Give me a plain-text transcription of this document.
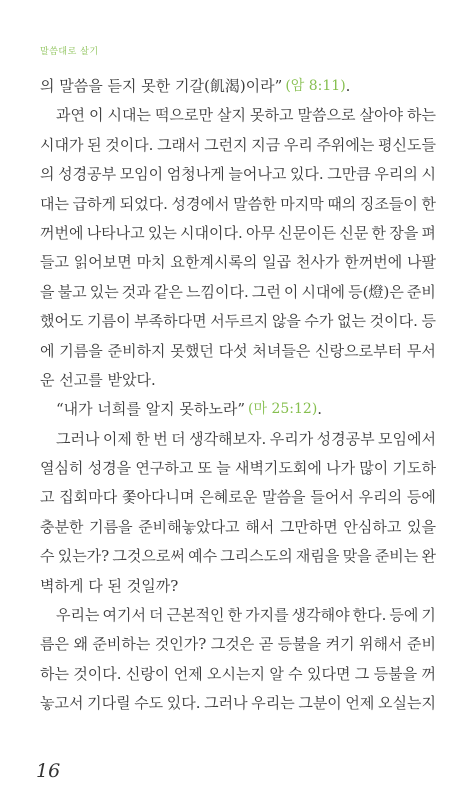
말씀대로 살기
의 말씀을 듣지 못한 기갈(飢渴)이라” (암 8:11) .
과연 이 시대는 떡으로만 살지 못하고 말씀으로 살아야 하는
시대가 된 것이다. 그래서 그런지 지금 우리 주위에는 평신도들
의 성경공부 모임이 엄청나게 늘어나고 있다. 그만큼 우리의 시
대는 급하게 되었다. 성경에서 말씀한 마지막 때의 징조들이 한
꺼번에 나타나고 있는 시대이다. 아무 신문이든 신문 한 장을 펴
들고 읽어보면 마치 요한계시록의 일곱 천사가 한꺼번에 나팔
을 불고 있는 것과 같은 느낌이다. 그런 이 시대에 등(燈)은 준비
했어도 기름이 부족하다면 서두르지 않을 수가 없는 것이다. 등
에 기름을 준비하지 못했던 다섯 처녀들은 신랑으로부터 무서
운 선고를 받았다.
“내가 너희를 알지 못하노라” (마 25:12) .
그러나 이제 한 번 더 생각해보자. 우리가 성경공부 모임에서
열심히 성경을 연구하고 또 늘 새벽기도회에 나가 많이 기도하
고 집회마다 쫓아다니며 은혜로운 말씀을 들어서 우리의 등에
충분한 기름을 준비해놓았다고 해서 그만하면 안심하고 있을
수 있는가? 그것으로써 예수 그리스도의 재림을 맞을 준비는 완
벽하게 다 된 것일까?
우리는 여기서 더 근본적인 한 가지를 생각해야 한다. 등에 기
름은 왜 준비하는 것인가? 그것은 곧 등불을 켜기 위해서 준비
하는 것이다. 신랑이 언제 오시는지 알 수 있다면 그 등불을 꺼
놓고서 기다릴 수도 있다. 그러나 우리는 그분이 언제 오실는지
16
